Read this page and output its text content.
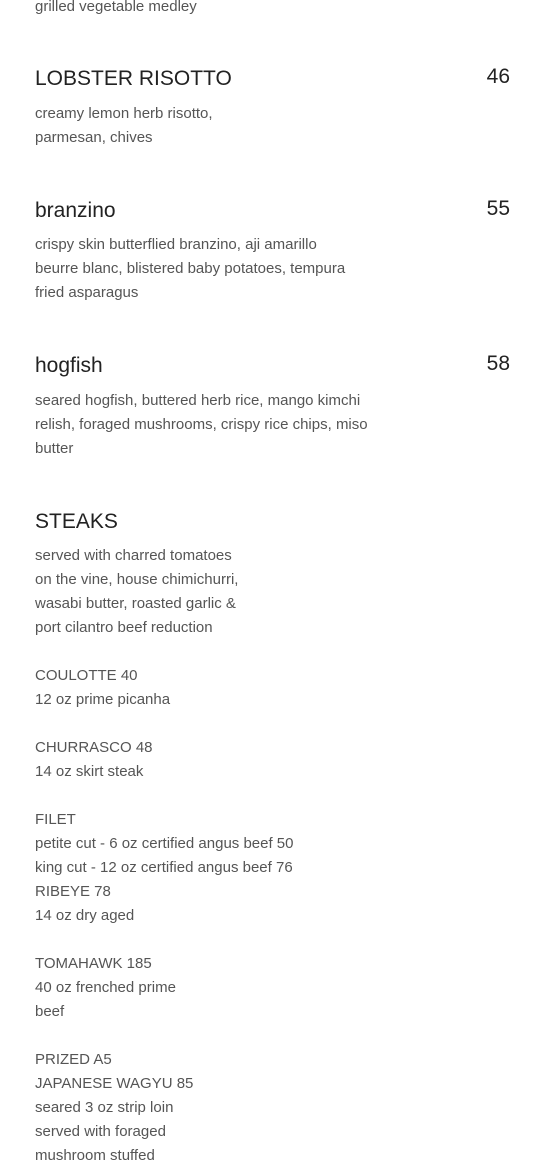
grilled vegetable medley
LOBSTER RISOTTO	46
creamy lemon herb risotto,
parmesan, chives
branzino	55
crispy skin butterflied branzino, aji amarillo
beurre blanc, blistered baby potatoes, tempura
fried asparagus
hogfish	58
seared hogfish, buttered herb rice, mango kimchi
relish, foraged mushrooms, crispy rice chips, miso
butter
STEAKS
served with charred tomatoes
on the vine, house chimichurri,
wasabi butter, roasted garlic &
port cilantro beef reduction
COULOTTE 40
12 oz prime picanha
CHURRASCO 48
14 oz skirt steak
FILET
petite cut - 6 oz certified angus beef 50
king cut - 12 oz certified angus beef 76
RIBEYE 78
14 oz dry aged
TOMAHAWK 185
40 oz frenched prime
beef
PRIZED A5
JAPANESE WAGYU 85
seared 3 oz strip loin
served with foraged
mushroom stuffed
